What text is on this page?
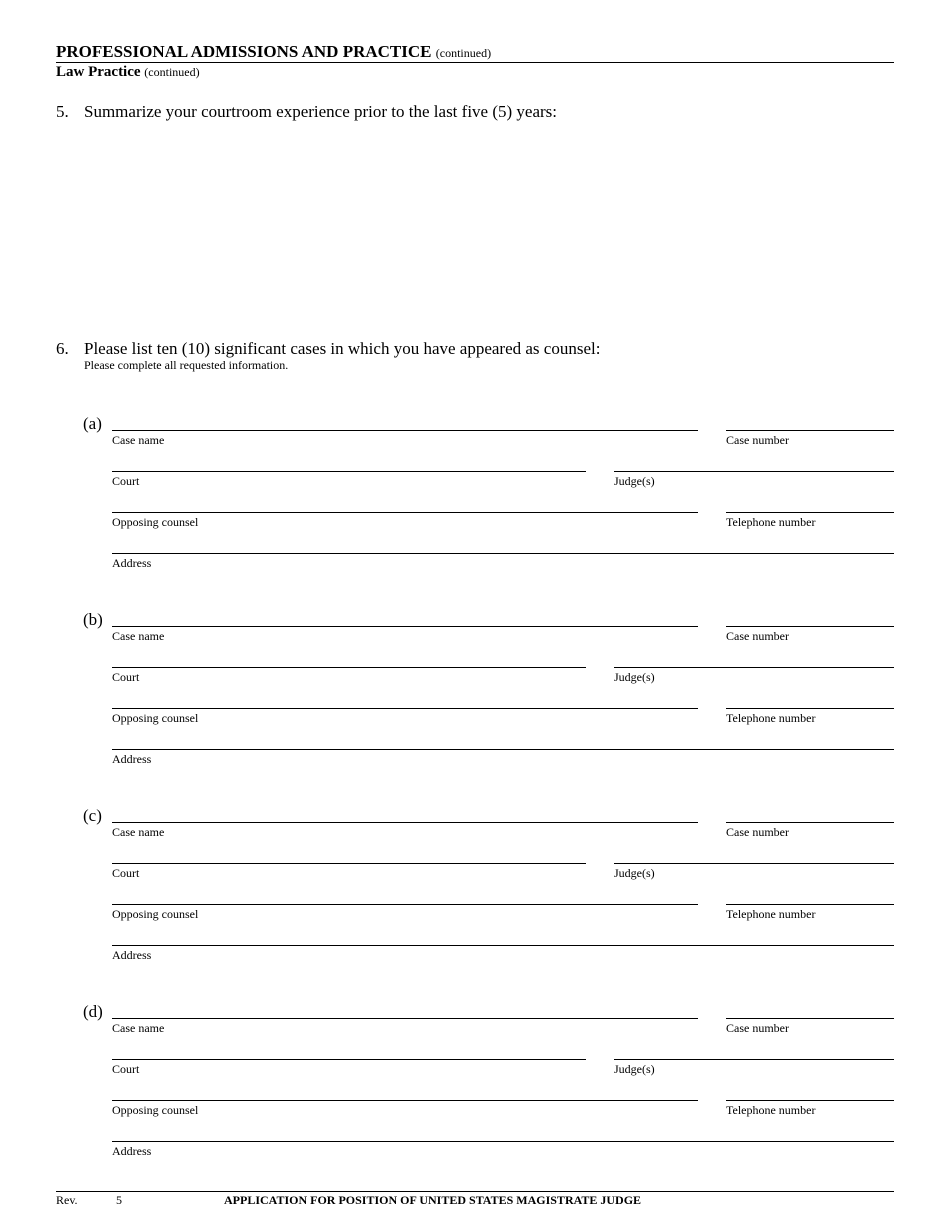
PROFESSIONAL ADMISSIONS AND PRACTICE (continued)
Law Practice (continued)
5. Summarize your courtroom experience prior to the last five (5) years:
6. Please list ten (10) significant cases in which you have appeared as counsel:
Please complete all requested information.
(a)
Case name	Case number
Court	Judge(s)
Opposing counsel	Telephone number
Address
(b)
Case name	Case number
Court	Judge(s)
Opposing counsel	Telephone number
Address
(c)
Case name	Case number
Court	Judge(s)
Opposing counsel	Telephone number
Address
(d)
Case name	Case number
Court	Judge(s)
Opposing counsel	Telephone number
Address
Rev.	5	APPLICATION FOR POSITION OF UNITED STATES MAGISTRATE JUDGE
